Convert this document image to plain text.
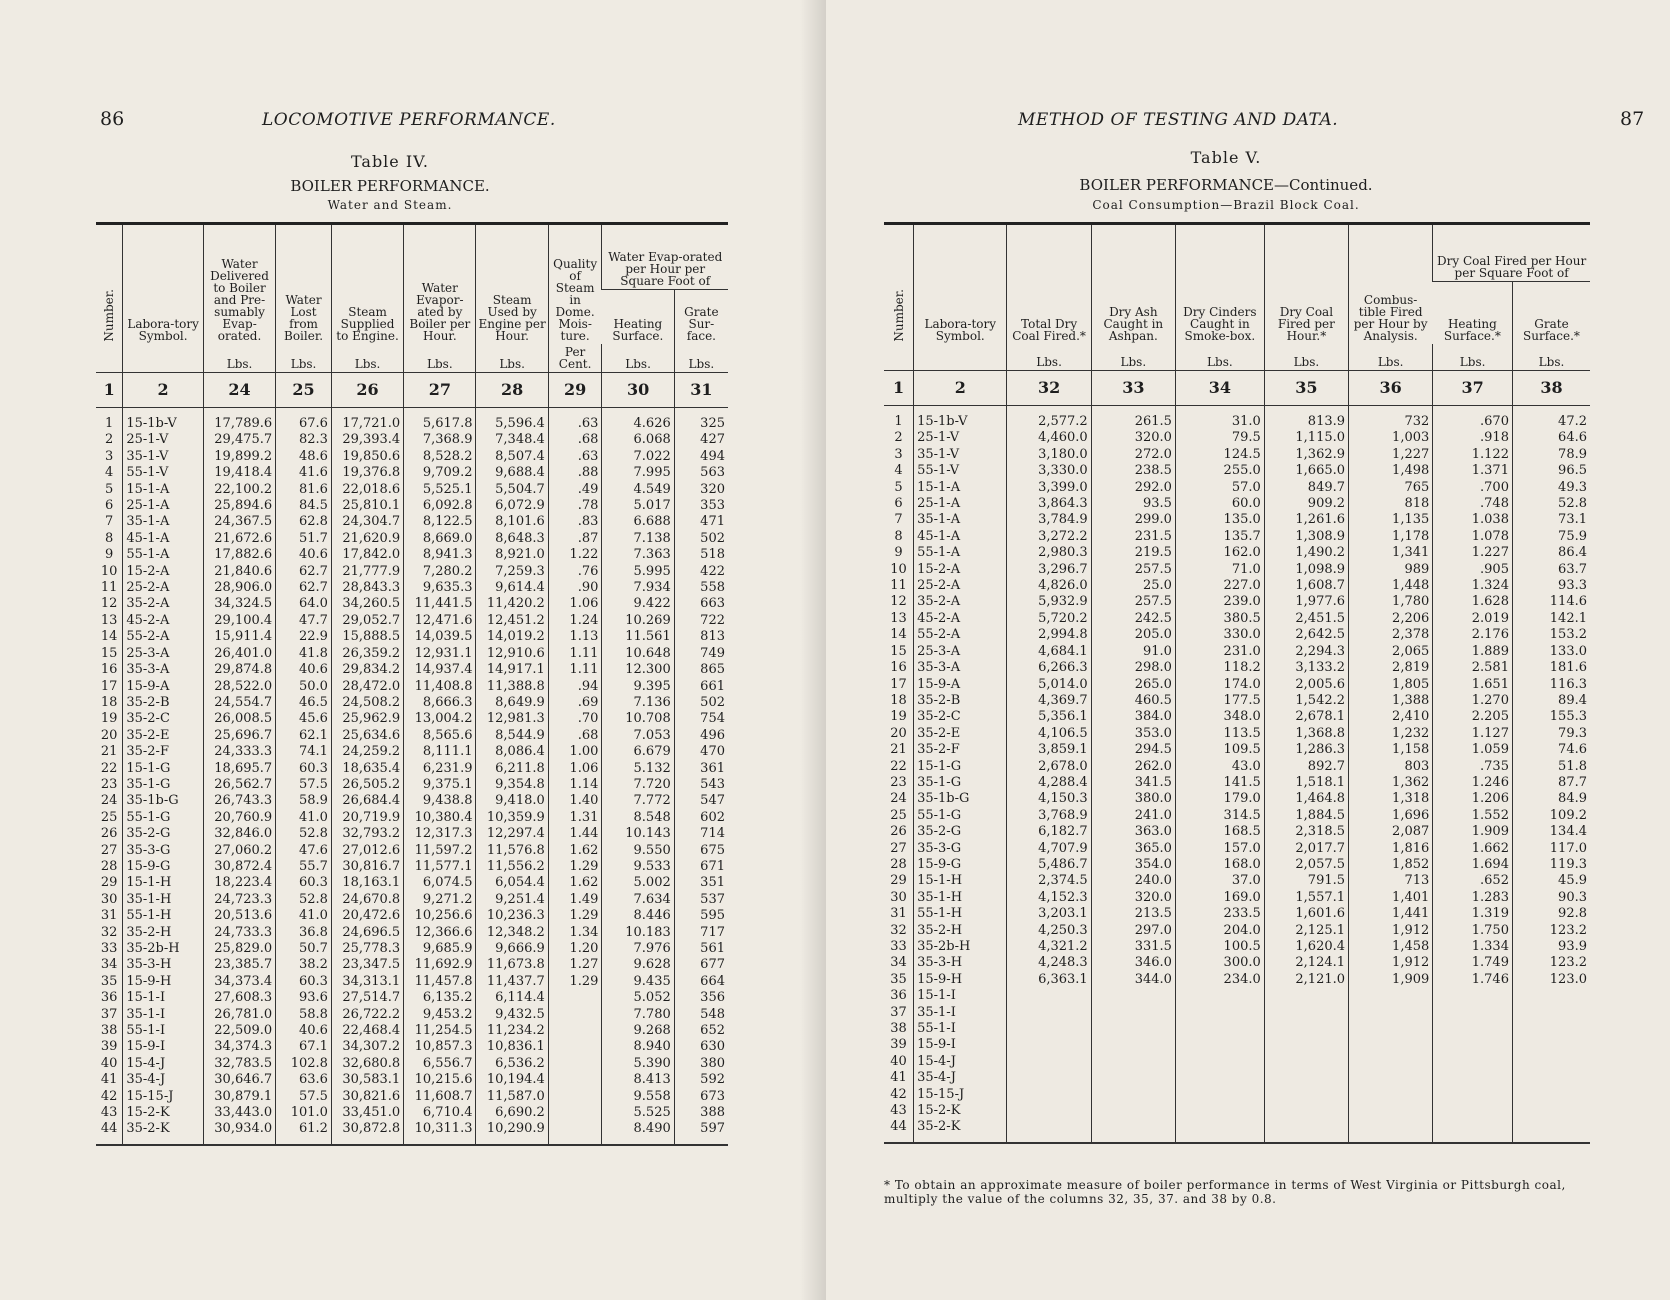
86	LOCOMOTIVE PERFORMANCE.
Table IV.
BOILER PERFORMANCE.
Water and Steam.
Number.	Labora-tory Symbol.	Water Delivered to Boiler and Pre-sumably Evap-orated.	Water Lost from Boiler.	Steam Supplied to Engine.	Water Evapor-ated by Boiler per Hour.	Steam Used by Engine per Hour.	Quality of Steam in Dome. Mois-ture.	Water Evap-orated per Hour per Square Foot of	
								Heating Surface.	Grate Sur-face.
		Lbs.	Lbs.	Lbs.	Lbs.	Lbs.	Per Cent.	Lbs.	Lbs.
1	2	24	25	26	27	28	29	30	31
1	15-1b-V	17,789.6	67.6	17,721.0	5,617.8	5,596.4	.63	4.626	325
2	25-1-V	29,475.7	82.3	29,393.4	7,368.9	7,348.4	.68	6.068	427
3	35-1-V	19,899.2	48.6	19,850.6	8,528.2	8,507.4	.63	7.022	494
4	55-1-V	19,418.4	41.6	19,376.8	9,709.2	9,688.4	.88	7.995	563
5	15-1-A	22,100.2	81.6	22,018.6	5,525.1	5,504.7	.49	4.549	320
6	25-1-A	25,894.6	84.5	25,810.1	6,092.8	6,072.9	.78	5.017	353
7	35-1-A	24,367.5	62.8	24,304.7	8,122.5	8,101.6	.83	6.688	471
8	45-1-A	21,672.6	51.7	21,620.9	8,669.0	8,648.3	.87	7.138	502
9	55-1-A	17,882.6	40.6	17,842.0	8,941.3	8,921.0	1.22	7.363	518
10	15-2-A	21,840.6	62.7	21,777.9	7,280.2	7,259.3	.76	5.995	422
11	25-2-A	28,906.0	62.7	28,843.3	9,635.3	9,614.4	.90	7.934	558
12	35-2-A	34,324.5	64.0	34,260.5	11,441.5	11,420.2	1.06	9.422	663
13	45-2-A	29,100.4	47.7	29,052.7	12,471.6	12,451.2	1.24	10.269	722
14	55-2-A	15,911.4	22.9	15,888.5	14,039.5	14,019.2	1.13	11.561	813
15	25-3-A	26,401.0	41.8	26,359.2	12,931.1	12,910.6	1.11	10.648	749
16	35-3-A	29,874.8	40.6	29,834.2	14,937.4	14,917.1	1.11	12.300	865
17	15-9-A	28,522.0	50.0	28,472.0	11,408.8	11,388.8	.94	9.395	661
18	35-2-B	24,554.7	46.5	24,508.2	8,666.3	8,649.9	.69	7.136	502
19	35-2-C	26,008.5	45.6	25,962.9	13,004.2	12,981.3	.70	10.708	754
20	35-2-E	25,696.7	62.1	25,634.6	8,565.6	8,544.9	.68	7.053	496
21	35-2-F	24,333.3	74.1	24,259.2	8,111.1	8,086.4	1.00	6.679	470
22	15-1-G	18,695.7	60.3	18,635.4	6,231.9	6,211.8	1.06	5.132	361
23	35-1-G	26,562.7	57.5	26,505.2	9,375.1	9,354.8	1.14	7.720	543
24	35-1b-G	26,743.3	58.9	26,684.4	9,438.8	9,418.0	1.40	7.772	547
25	55-1-G	20,760.9	41.0	20,719.9	10,380.4	10,359.9	1.31	8.548	602
26	35-2-G	32,846.0	52.8	32,793.2	12,317.3	12,297.4	1.44	10.143	714
27	35-3-G	27,060.2	47.6	27,012.6	11,597.2	11,576.8	1.62	9.550	675
28	15-9-G	30,872.4	55.7	30,816.7	11,577.1	11,556.2	1.29	9.533	671
29	15-1-H	18,223.4	60.3	18,163.1	6,074.5	6,054.4	1.62	5.002	351
30	35-1-H	24,723.3	52.8	24,670.8	9,271.2	9,251.4	1.49	7.634	537
31	55-1-H	20,513.6	41.0	20,472.6	10,256.6	10,236.3	1.29	8.446	595
32	35-2-H	24,733.3	36.8	24,696.5	12,366.6	12,348.2	1.34	10.183	717
33	35-2b-H	25,829.0	50.7	25,778.3	9,685.9	9,666.9	1.20	7.976	561
34	35-3-H	23,385.7	38.2	23,347.5	11,692.9	11,673.8	1.27	9.628	677
35	15-9-H	34,373.4	60.3	34,313.1	11,457.8	11,437.7	1.29	9.435	664
36	15-1-I	27,608.3	93.6	27,514.7	6,135.2	6,114.4		5.052	356
37	35-1-I	26,781.0	58.8	26,722.2	9,453.2	9,432.5		7.780	548
38	55-1-I	22,509.0	40.6	22,468.4	11,254.5	11,234.2		9.268	652
39	15-9-I	34,374.3	67.1	34,307.2	10,857.3	10,836.1		8.940	630
40	15-4-J	32,783.5	102.8	32,680.8	6,556.7	6,536.2		5.390	380
41	35-4-J	30,646.7	63.6	30,583.1	10,215.6	10,194.4		8.413	592
42	15-15-J	30,879.1	57.5	30,821.6	11,608.7	11,587.0		9.558	673
43	15-2-K	33,443.0	101.0	33,451.0	6,710.4	6,690.2		5.525	388
44	35-2-K	30,934.0	61.2	30,872.8	10,311.3	10,290.9		8.490	597
METHOD OF TESTING AND DATA.	87
Table V.
BOILER PERFORMANCE—Continued.
Coal Consumption—Brazil Block Coal.
Number.	Labora-tory Symbol.	Total Dry Coal Fired.*	Dry Ash Caught in Ashpan.	Dry Cinders Caught in Smoke-box.	Dry Coal Fired per Hour.*	Combus-tible Fired per Hour by Analysis.	Dry Coal Fired per Hour per Square Foot of	
							Heating Surface.*	Grate Surface.*
		Lbs.	Lbs.	Lbs.	Lbs.	Lbs.	Lbs.	Lbs.
1	2	32	33	34	35	36	37	38
1	15-1b-V	2,577.2	261.5	31.0	813.9	732	.670	47.2
2	25-1-V	4,460.0	320.0	79.5	1,115.0	1,003	.918	64.6
3	35-1-V	3,180.0	272.0	124.5	1,362.9	1,227	1.122	78.9
4	55-1-V	3,330.0	238.5	255.0	1,665.0	1,498	1.371	96.5
5	15-1-A	3,399.0	292.0	57.0	849.7	765	.700	49.3
6	25-1-A	3,864.3	93.5	60.0	909.2	818	.748	52.8
7	35-1-A	3,784.9	299.0	135.0	1,261.6	1,135	1.038	73.1
8	45-1-A	3,272.2	231.5	135.7	1,308.9	1,178	1.078	75.9
9	55-1-A	2,980.3	219.5	162.0	1,490.2	1,341	1.227	86.4
10	15-2-A	3,296.7	257.5	71.0	1,098.9	989	.905	63.7
11	25-2-A	4,826.0	25.0	227.0	1,608.7	1,448	1.324	93.3
12	35-2-A	5,932.9	257.5	239.0	1,977.6	1,780	1.628	114.6
13	45-2-A	5,720.2	242.5	380.5	2,451.5	2,206	2.019	142.1
14	55-2-A	2,994.8	205.0	330.0	2,642.5	2,378	2.176	153.2
15	25-3-A	4,684.1	91.0	231.0	2,294.3	2,065	1.889	133.0
16	35-3-A	6,266.3	298.0	118.2	3,133.2	2,819	2.581	181.6
17	15-9-A	5,014.0	265.0	174.0	2,005.6	1,805	1.651	116.3
18	35-2-B	4,369.7	460.5	177.5	1,542.2	1,388	1.270	89.4
19	35-2-C	5,356.1	384.0	348.0	2,678.1	2,410	2.205	155.3
20	35-2-E	4,106.5	353.0	113.5	1,368.8	1,232	1.127	79.3
21	35-2-F	3,859.1	294.5	109.5	1,286.3	1,158	1.059	74.6
22	15-1-G	2,678.0	262.0	43.0	892.7	803	.735	51.8
23	35-1-G	4,288.4	341.5	141.5	1,518.1	1,362	1.246	87.7
24	35-1b-G	4,150.3	380.0	179.0	1,464.8	1,318	1.206	84.9
25	55-1-G	3,768.9	241.0	314.5	1,884.5	1,696	1.552	109.2
26	35-2-G	6,182.7	363.0	168.5	2,318.5	2,087	1.909	134.4
27	35-3-G	4,707.9	365.0	157.0	2,017.7	1,816	1.662	117.0
28	15-9-G	5,486.7	354.0	168.0	2,057.5	1,852	1.694	119.3
29	15-1-H	2,374.5	240.0	37.0	791.5	713	.652	45.9
30	35-1-H	4,152.3	320.0	169.0	1,557.1	1,401	1.283	90.3
31	55-1-H	3,203.1	213.5	233.5	1,601.6	1,441	1.319	92.8
32	35-2-H	4,250.3	297.0	204.0	2,125.1	1,912	1.750	123.2
33	35-2b-H	4,321.2	331.5	100.5	1,620.4	1,458	1.334	93.9
34	35-3-H	4,248.3	346.0	300.0	2,124.1	1,912	1.749	123.2
35	15-9-H	6,363.1	344.0	234.0	2,121.0	1,909	1.746	123.0
36	15-1-I							
37	35-1-I							
38	55-1-I							
39	15-9-I							
40	15-4-J							
41	35-4-J							
42	15-15-J							
43	15-2-K							
44	35-2-K							
* To obtain an approximate measure of boiler performance in terms of West Virginia or Pittsburgh coal, multiply the value of the columns 32, 35, 37. and 38 by 0.8.
